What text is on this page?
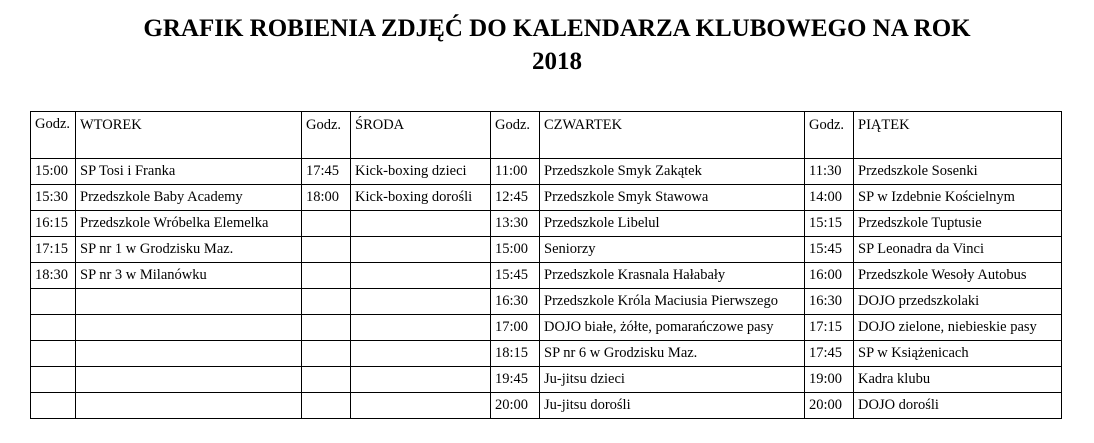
GRAFIK ROBIENIA ZDJĘĆ DO KALENDARZA KLUBOWEGO NA ROK
2018
Godz.	WTOREK	Godz.	ŚRODA	Godz.	CZWARTEK	Godz.	PIĄTEK
15:00	SP Tosi i Franka	17:45	Kick-boxing dzieci	11:00	Przedszkole Smyk Zakątek	11:30	Przedszkole Sosenki
15:30	Przedszkole Baby Academy	18:00	Kick-boxing dorośli	12:45	Przedszkole Smyk Stawowa	14:00	SP w Izdebnie Kościelnym
16:15	Przedszkole Wróbelka Elemelka			13:30	Przedszkole Libelul	15:15	Przedszkole Tuptusie
17:15	SP nr 1 w Grodzisku Maz.			15:00	Seniorzy	15:45	SP Leonadra da Vinci
18:30	SP nr 3 w Milanówku			15:45	Przedszkole Krasnala Hałabały	16:00	Przedszkole Wesoły Autobus
				16:30	Przedszkole Króla Maciusia Pierwszego	16:30	DOJO przedszkolaki
				17:00	DOJO białe, żółte, pomarańczowe pasy	17:15	DOJO zielone, niebieskie pasy
				18:15	SP nr 6 w Grodzisku Maz.	17:45	SP w Książenicach
				19:45	Ju-jitsu dzieci	19:00	Kadra klubu
				20:00	Ju-jitsu dorośli	20:00	DOJO dorośli
